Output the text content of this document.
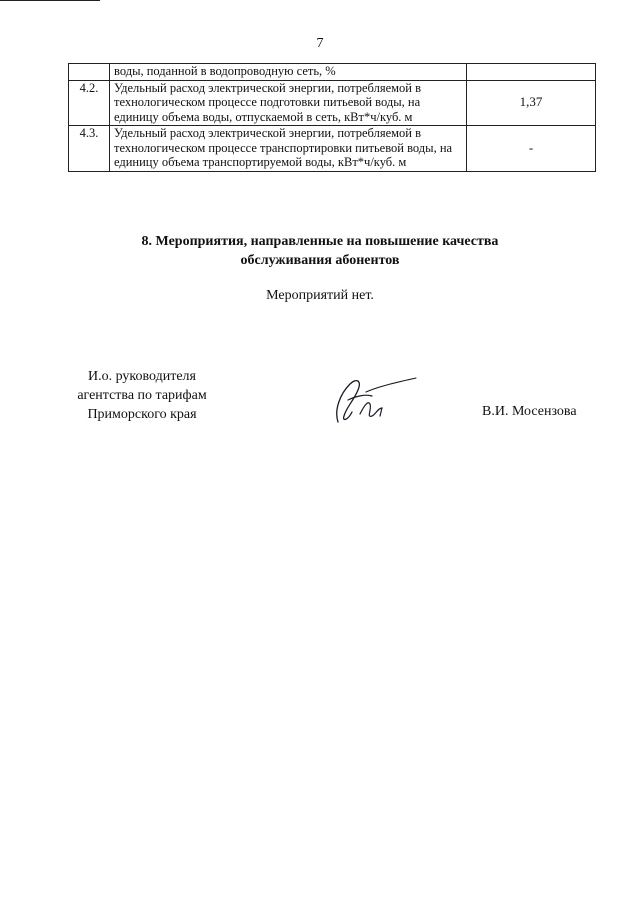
7
	воды, поданной в водопроводную сеть, %	
4.2.	Удельный расход электрической энергии, потребляемой в технологическом процессе подготовки питьевой воды, на единицу объема воды, отпускаемой в сеть, кВт*ч/куб. м	1,37
4.3.	Удельный расход электрической энергии, потребляемой в технологическом процессе транспортировки питьевой воды, на единицу объема транспортируемой воды, кВт*ч/куб. м	-
8. Мероприятия, направленные на повышение качества
обслуживания абонентов
Мероприятий нет.
И.о. руководителя
агентства по тарифам
Приморского края	В.И. Мосензова
